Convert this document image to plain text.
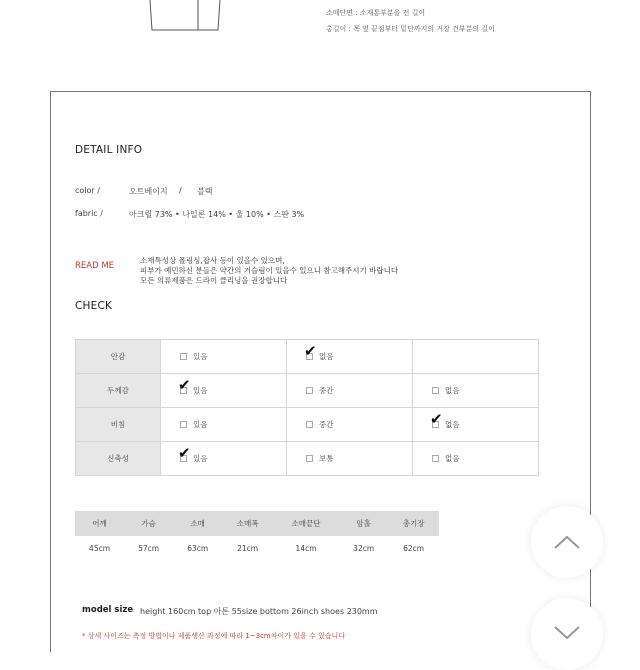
소매단면 : 소재통부분을 전 길이
총길이 : 목 옆 끝점부터 밑단까지의 거장 건부분의 길이
DETAIL INFO
color /	오트베이지 / 블랙
fabric /	아크릴 73% • 나일론 14% • 울 10% • 스판 3%
READ ME
소재특성상 폴링싱,잡사 등이 있을수 있으며,
피부가 예민하신 분들은 약간의 거슬림이 있을수 있으니 참고해주시기 바랍니다
모든 의류제품은 드라이 클리닝을 권장합니다
CHECK
안감	있음	✔ 없음	

두께감	✔ 있음	중간	없음

비침	있음	중간	✔ 없음

신축성	✔ 있음	보통	없음
어깨	가슴	소매	소매폭	소매끝단	암홀	총기장
45cm	57cm	63cm	21cm	14cm	32cm	62cm
model size height 160cm top 아톤 55size bottom 26inch shoes 230mm
* 상세 사이즈는 측정 방법이나 제품생산 과정에 따라 1~3cm차이가 있을 수 있습니다
